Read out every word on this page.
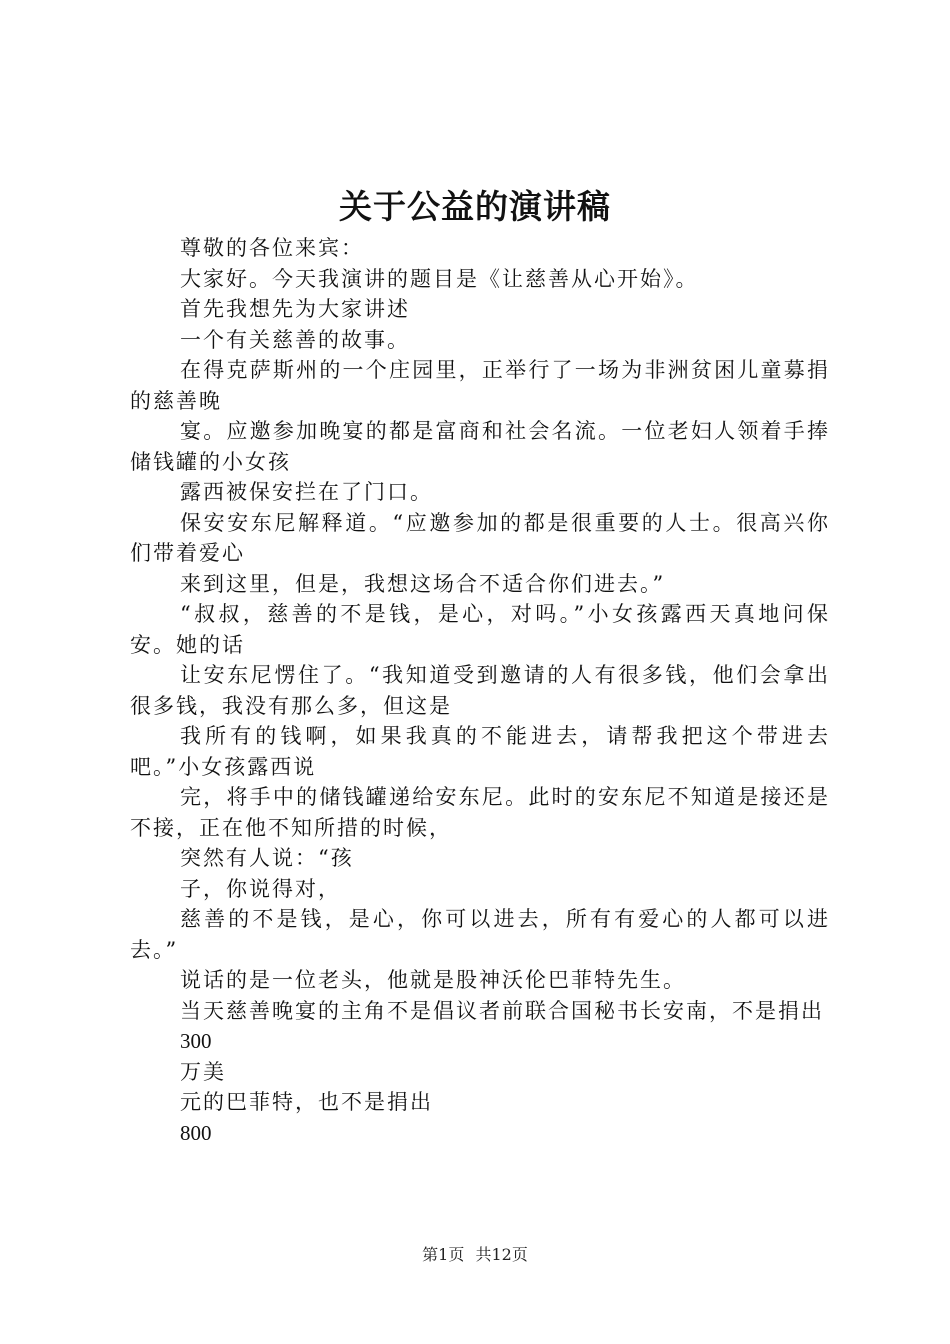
关于公益的演讲稿

尊敬的各位来宾：

大家好。今天我演讲的题目是《让慈善从心开始》。

首先我想先为大家讲述

一个有关慈善的故事。

在得克萨斯州的一个庄园里，正举行了一场为非洲贫困儿童募捐的慈善晚

宴。应邀参加晚宴的都是富商和社会名流。一位老妇人领着手捧储钱罐的小女孩

露西被保安拦在了门口。

保安安东尼解释道。“应邀参加的都是很重要的人士。很高兴你们带着爱心

来到这里，但是，我想这场合不适合你们进去。”

“叔叔，慈善的不是钱，是心，对吗。”小女孩露西天真地问保安。她的话

让安东尼愣住了。“我知道受到邀请的人有很多钱，他们会拿出很多钱，我没有那么多，但这是

我所有的钱啊，如果我真的不能进去，请帮我把这个带进去吧。”小女孩露西说

完，将手中的储钱罐递给安东尼。此时的安东尼不知道是接还是不接，正在他不知所措的时候，

突然有人说：“孩

子，你说得对，

慈善的不是钱，是心，你可以进去，所有有爱心的人都可以进去。”

说话的是一位老头，他就是股神沃伦巴菲特先生。

当天慈善晚宴的主角不是倡议者前联合国秘书长安南，不是捐出

300

万美

元的巴菲特，也不是捐出

800

第1页 共12页
